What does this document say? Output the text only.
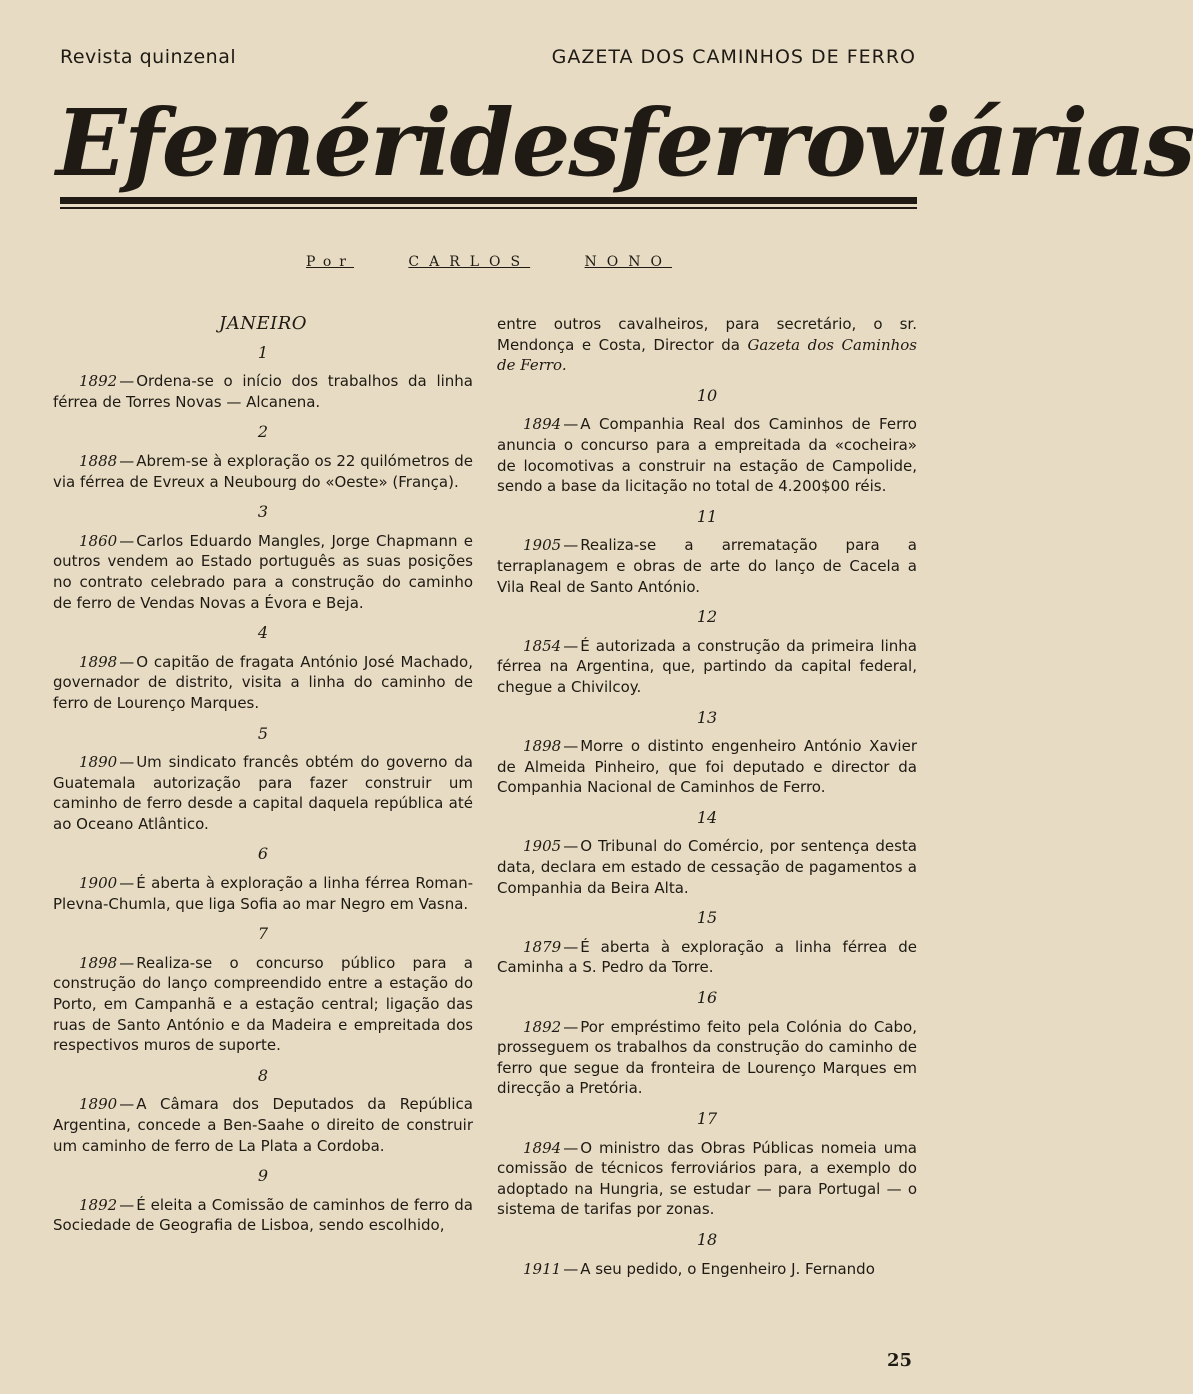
Revista quinzenal	GAZETA DOS CAMINHOS DE FERRO
Efemérides ferroviárias
Por	CARLOS	NONO
JANEIRO
1

1892 — Ordena-se o início dos trabalhos da linha férrea de Torres Novas — Alcanena.

2

1888 — Abrem-se à exploração os 22 quilómetros de via férrea de Evreux a Neubourg do «Oeste» (França).

3

1860 — Carlos Eduardo Mangles, Jorge Chapmann e outros vendem ao Estado português as suas posições no contrato celebrado para a construção do caminho de ferro de Vendas Novas a Évora e Beja.

4

1898 — O capitão de fragata António José Machado, governador de distrito, visita a linha do caminho de ferro de Lourenço Marques.

5

1890 — Um sindicato francês obtém do governo da Guatemala autorização para fazer construir um caminho de ferro desde a capital daquela república até ao Oceano Atlântico.

6

1900 — É aberta à exploração a linha férrea Roman-Plevna-Chumla, que liga Sofia ao mar Negro em Vasna.

7

1898 — Realiza-se o concurso público para a construção do lanço compreendido entre a estação do Porto, em Campanhã e a estação central; ligação das ruas de Santo António e da Madeira e empreitada dos respectivos muros de suporte.

8

1890 — A Câmara dos Deputados da República Argentina, concede a Ben-Saahe o direito de construir um caminho de ferro de La Plata a Cordoba.

9

1892 — É eleita a Comissão de caminhos de ferro da Sociedade de Geografia de Lisboa, sendo escolhido,

entre outros cavalheiros, para secretário, o sr. Mendonça e Costa, Director da Gazeta dos Caminhos de Ferro.

10

1894 — A Companhia Real dos Caminhos de Ferro anuncia o concurso para a empreitada da «cocheira» de locomotivas a construir na estação de Campolide, sendo a base da licitação no total de 4.200$00 réis.

11

1905 — Realiza-se a arrematação para a terraplanagem e obras de arte do lanço de Cacela a Vila Real de Santo António.

12

1854 — É autorizada a construção da primeira linha férrea na Argentina, que, partindo da capital federal, chegue a Chivilcoy.

13

1898 — Morre o distinto engenheiro António Xavier de Almeida Pinheiro, que foi deputado e director da Companhia Nacional de Caminhos de Ferro.

14

1905 — O Tribunal do Comércio, por sentença desta data, declara em estado de cessação de pagamentos a Companhia da Beira Alta.

15

1879 — É aberta à exploração a linha férrea de Caminha a S. Pedro da Torre.

16

1892 — Por empréstimo feito pela Colónia do Cabo, prosseguem os trabalhos da construção do caminho de ferro que segue da fronteira de Lourenço Marques em direcção a Pretória.

17

1894 — O ministro das Obras Públicas nomeia uma comissão de técnicos ferroviários para, a exemplo do adoptado na Hungria, se estudar — para Portugal — o sistema de tarifas por zonas.

18

1911 — A seu pedido, o Engenheiro J. Fernando

25
